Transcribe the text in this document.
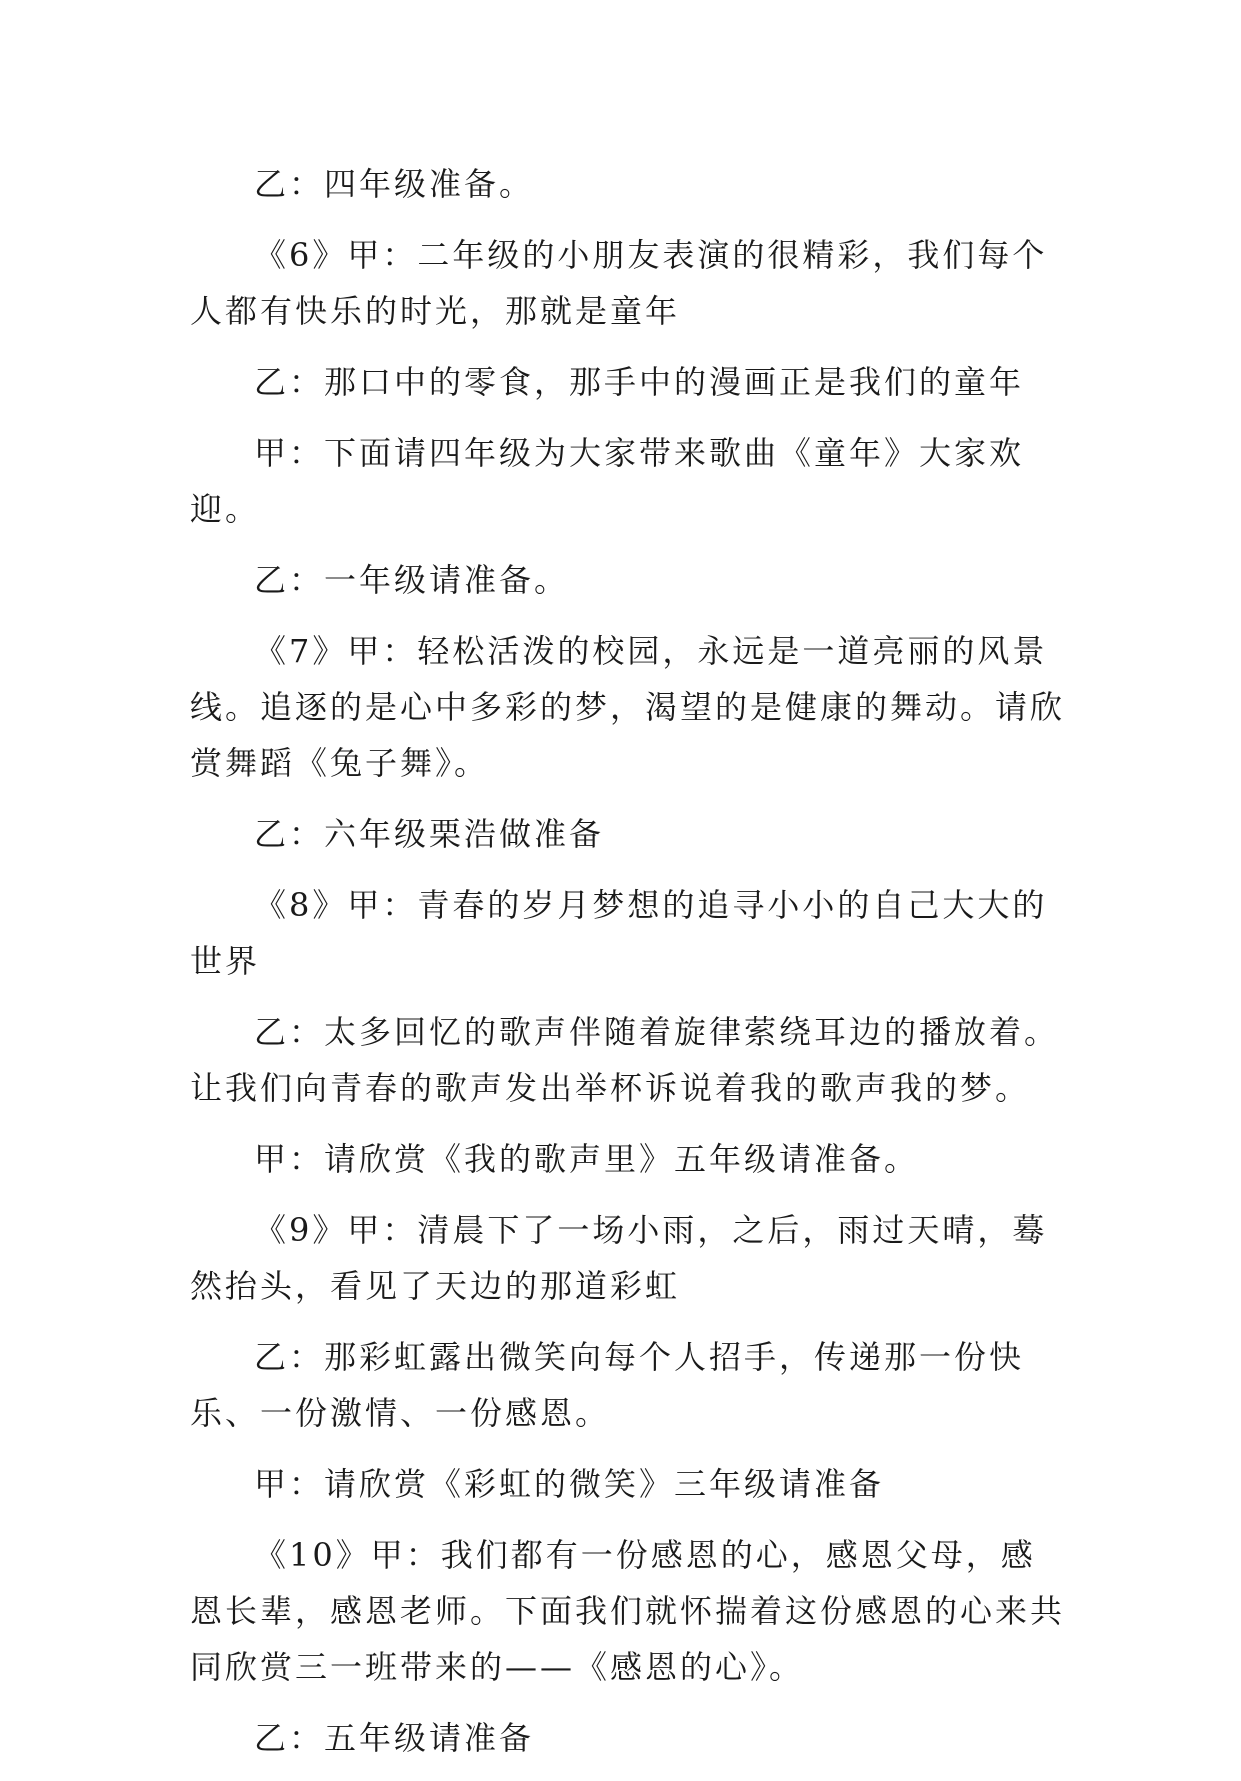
乙：四年级准备。

《6》甲：二年级的小朋友表演的很精彩，我们每个人都有快乐的时光，那就是童年

乙：那口中的零食，那手中的漫画正是我们的童年

甲：下面请四年级为大家带来歌曲《童年》大家欢迎。

乙：一年级请准备。

《7》甲：轻松活泼的校园，永远是一道亮丽的风景线。追逐的是心中多彩的梦，渴望的是健康的舞动。请欣赏舞蹈《兔子舞》。

乙：六年级栗浩做准备

《8》甲：青春的岁月梦想的追寻小小的自己大大的世界

乙：太多回忆的歌声伴随着旋律萦绕耳边的播放着。让我们向青春的歌声发出举杯诉说着我的歌声我的梦。

甲：请欣赏《我的歌声里》五年级请准备。

《9》甲：清晨下了一场小雨，之后，雨过天晴，蓦然抬头，看见了天边的那道彩虹

乙：那彩虹露出微笑向每个人招手，传递那一份快乐、一份激情、一份感恩。

甲：请欣赏《彩虹的微笑》三年级请准备

《10》甲：我们都有一份感恩的心，感恩父母，感恩长辈，感恩老师。下面我们就怀揣着这份感恩的心来共同欣赏三一班带来的——《感恩的心》。

乙：五年级请准备
